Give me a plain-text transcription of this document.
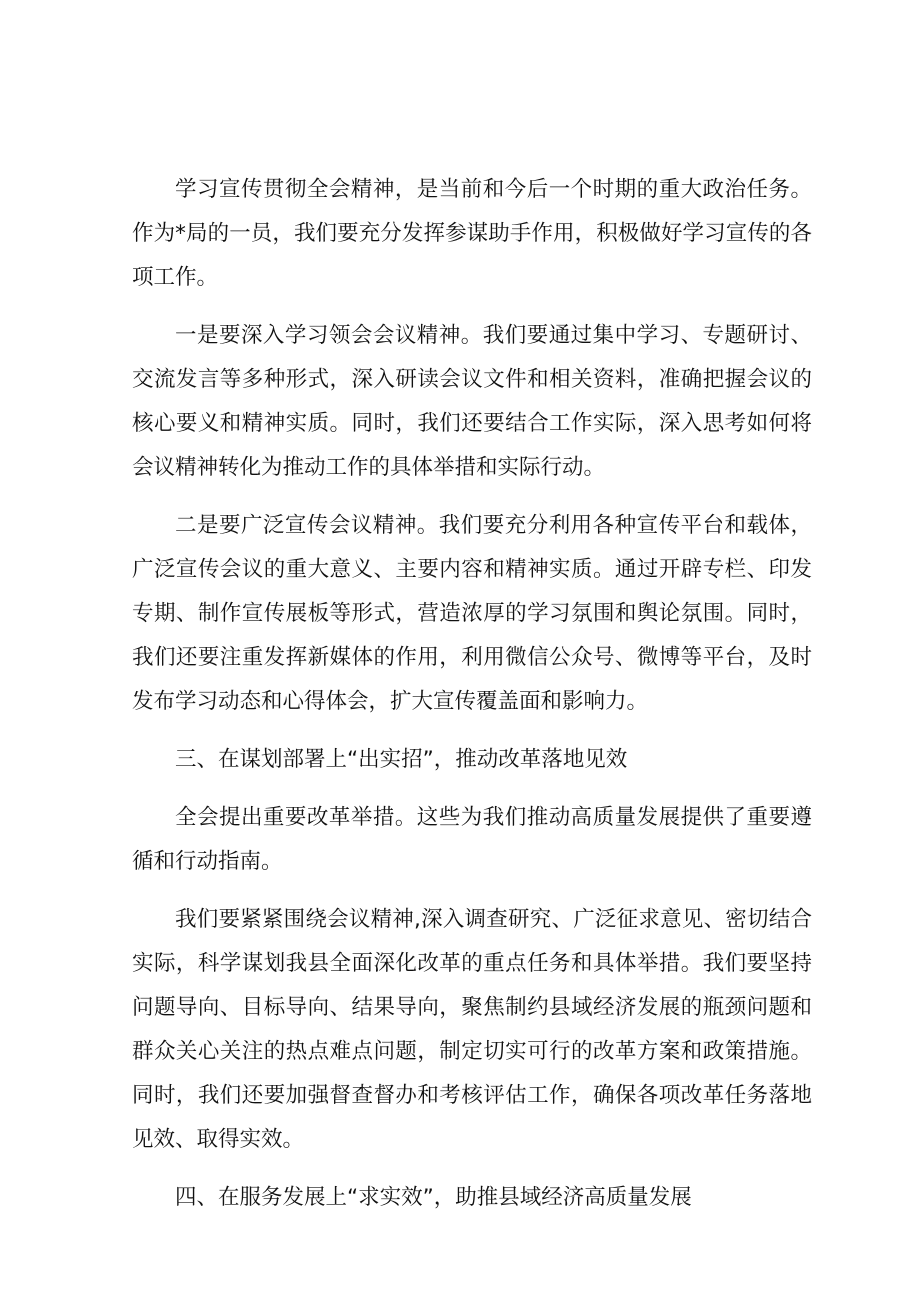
学习宣传贯彻全会精神，是当前和今后一个时期的重大政治任务。作为*局的一员，我们要充分发挥参谋助手作用，积极做好学习宣传的各项工作。

一是要深入学习领会会议精神。我们要通过集中学习、专题研讨、交流发言等多种形式，深入研读会议文件和相关资料，准确把握会议的核心要义和精神实质。同时，我们还要结合工作实际，深入思考如何将会议精神转化为推动工作的具体举措和实际行动。

二是要广泛宣传会议精神。我们要充分利用各种宣传平台和载体，广泛宣传会议的重大意义、主要内容和精神实质。通过开辟专栏、印发专期、制作宣传展板等形式，营造浓厚的学习氛围和舆论氛围。同时，我们还要注重发挥新媒体的作用，利用微信公众号、微博等平台，及时发布学习动态和心得体会，扩大宣传覆盖面和影响力。

三、在谋划部署上“出实招”，推动改革落地见效

全会提出重要改革举措。这些为我们推动高质量发展提供了重要遵循和行动指南。

我们要紧紧围绕会议精神,深入调查研究、广泛征求意见、密切结合实际，科学谋划我县全面深化改革的重点任务和具体举措。我们要坚持问题导向、目标导向、结果导向，聚焦制约县域经济发展的瓶颈问题和群众关心关注的热点难点问题，制定切实可行的改革方案和政策措施。同时，我们还要加强督查督办和考核评估工作，确保各项改革任务落地见效、取得实效。

四、在服务发展上“求实效”，助推县域经济高质量发展
